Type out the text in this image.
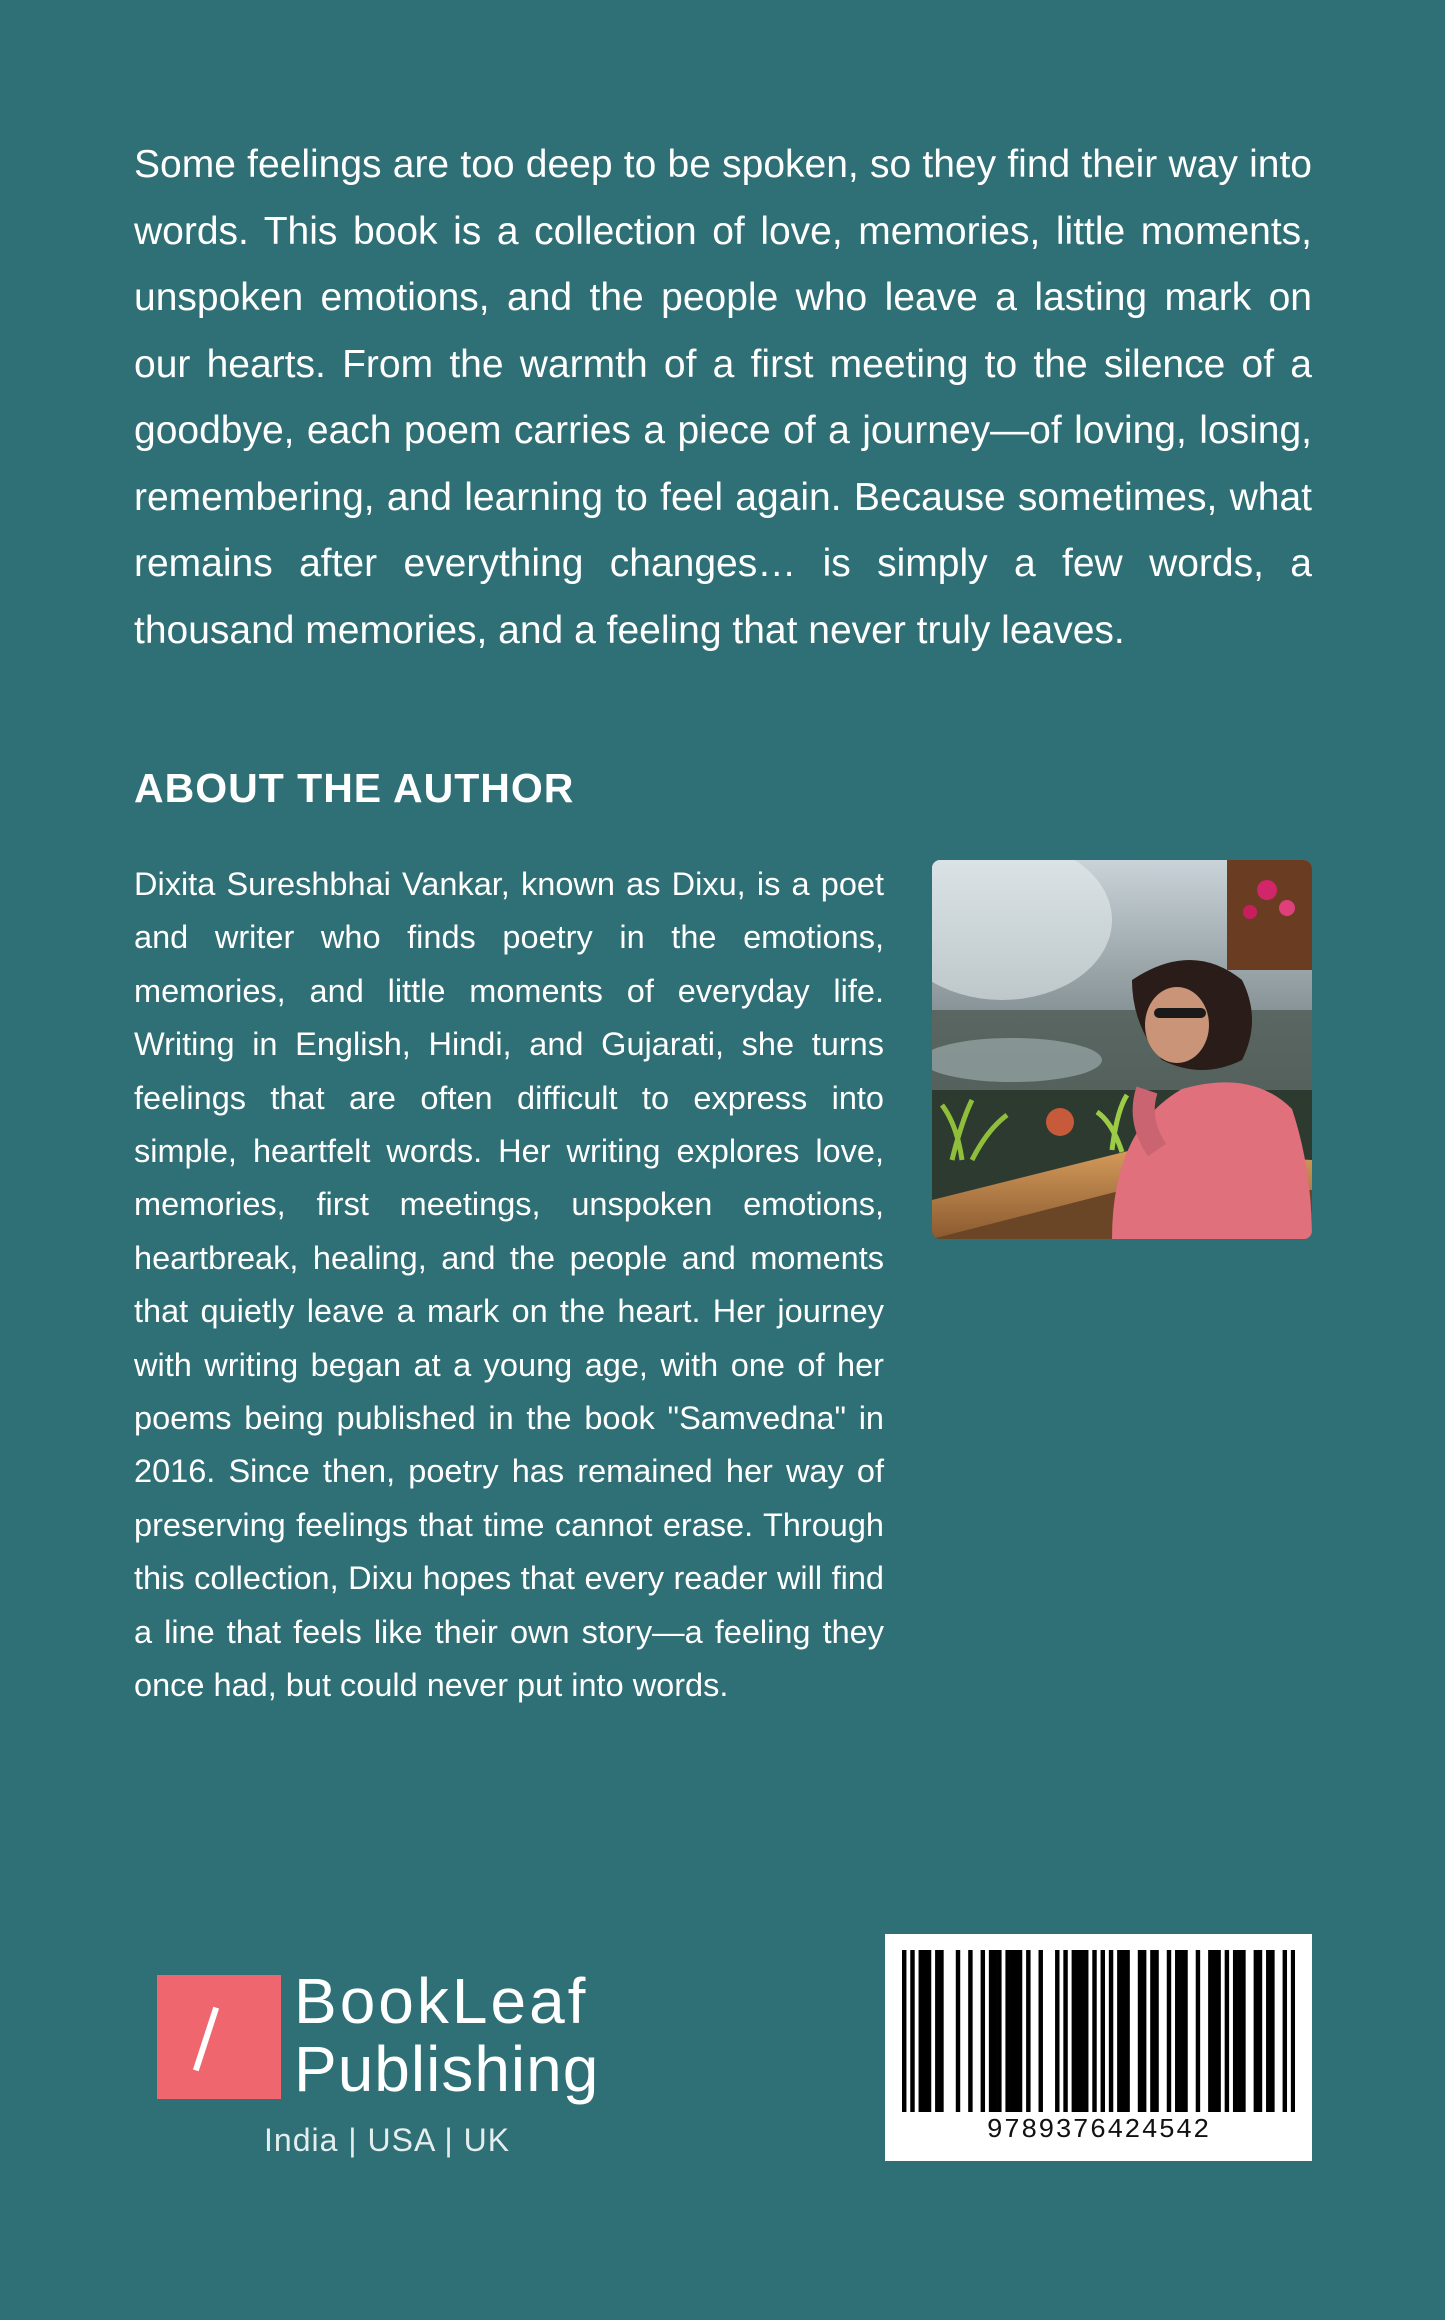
Some feelings are too deep to be spoken, so they find their way into words. This book is a collection of love, memories, little moments, unspoken emotions, and the people who leave a lasting mark on our hearts. From the warmth of a first meeting to the silence of a goodbye, each poem carries a piece of a journey—of loving, losing, remembering, and learning to feel again. Because sometimes, what remains after everything changes… is simply a few words, a thousand memories, and a feeling that never truly leaves.

ABOUT THE AUTHOR

Dixita Sureshbhai Vankar, known as Dixu, is a poet and writer who finds poetry in the emotions, memories, and little moments of everyday life. Writing in English, Hindi, and Gujarati, she turns feelings that are often difficult to express into simple, heartfelt words. Her writing explores love, memories, first meetings, unspoken emotions, heartbreak, healing, and the people and moments that quietly leave a mark on the heart. Her journey with writing began at a young age, with one of her poems being published in the book "Samvedna" in 2016. Since then, poetry has remained her way of preserving feelings that time cannot erase. Through this collection, Dixu hopes that every reader will find a line that feels like their own story—a feeling they once had, but could never put into words.

BookLeaf
Publishing
India | USA | UK	9789376424542
